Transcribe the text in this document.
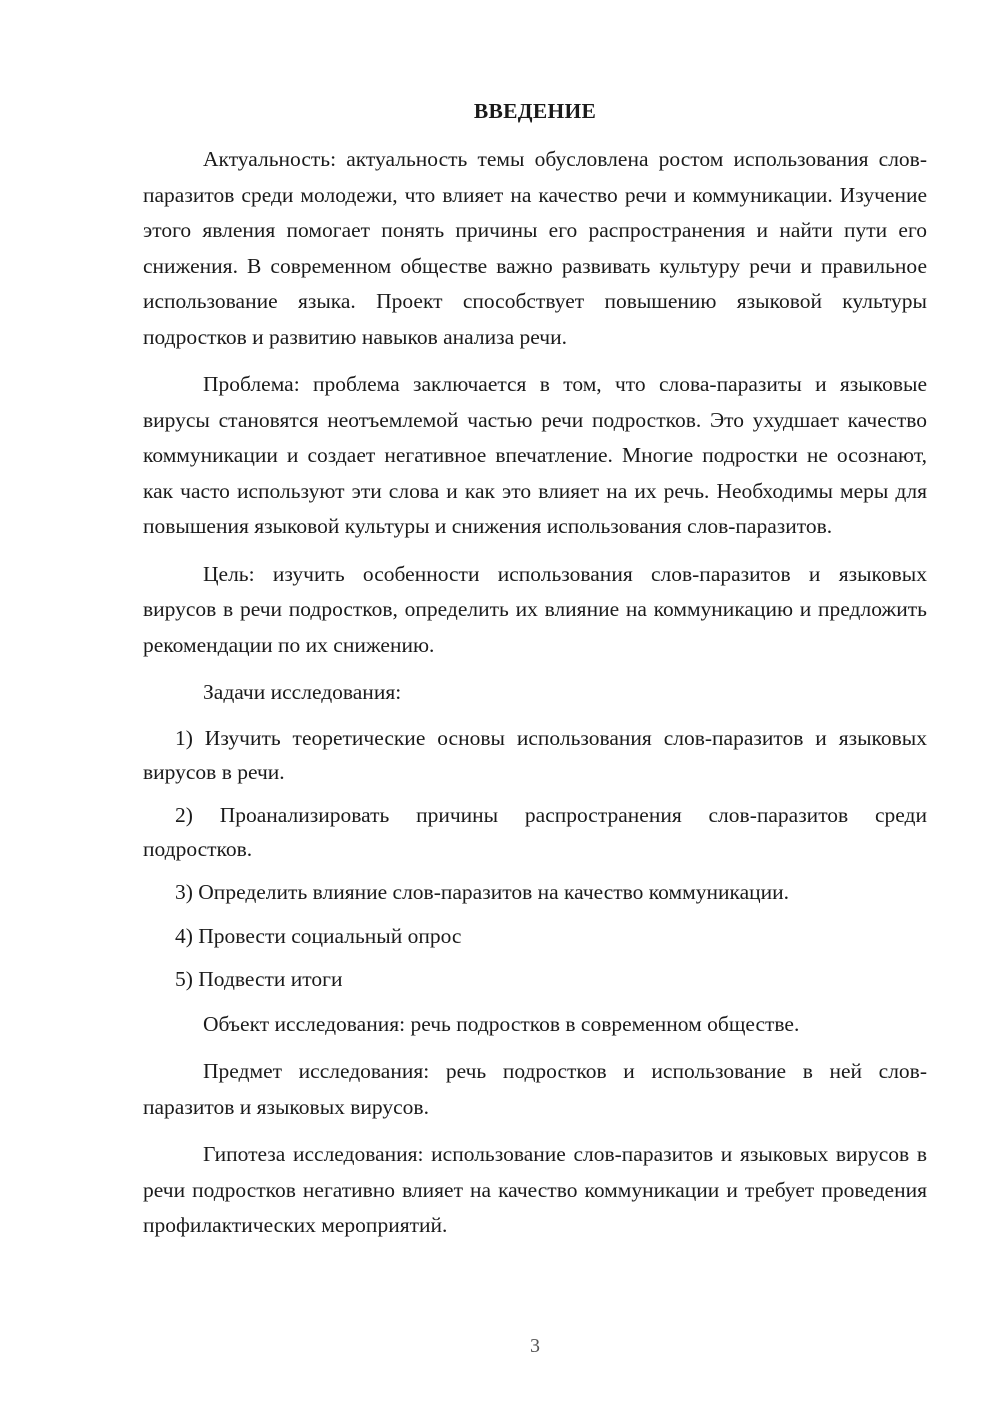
ВВЕДЕНИЕ

Актуальность: актуальность темы обусловлена ростом использования слов-паразитов среди молодежи, что влияет на качество речи и коммуникации. Изучение этого явления помогает понять причины его распространения и найти пути его снижения. В современном обществе важно развивать культуру речи и правильное использование языка. Проект способствует повышению языковой культуры подростков и развитию навыков анализа речи.

Проблема: проблема заключается в том, что слова-паразиты и языковые вирусы становятся неотъемлемой частью речи подростков. Это ухудшает качество коммуникации и создает негативное впечатление. Многие подростки не осознают, как часто используют эти слова и как это влияет на их речь. Необходимы меры для повышения языковой культуры и снижения использования слов-паразитов.

Цель: изучить особенности использования слов-паразитов и языковых вирусов в речи подростков, определить их влияние на коммуникацию и предложить рекомендации по их снижению.

Задачи исследования:

1) Изучить теоретические основы использования слов-паразитов и языковых вирусов в речи.

2) Проанализировать причины распространения слов-паразитов среди подростков.

3) Определить влияние слов-паразитов на качество коммуникации.

4) Провести социальный опрос

5) Подвести итоги

Объект исследования: речь подростков в современном обществе.

Предмет исследования: речь подростков и использование в ней слов-паразитов и языковых вирусов.

Гипотеза исследования: использование слов-паразитов и языковых вирусов в речи подростков негативно влияет на качество коммуникации и требует проведения профилактических мероприятий.

3
